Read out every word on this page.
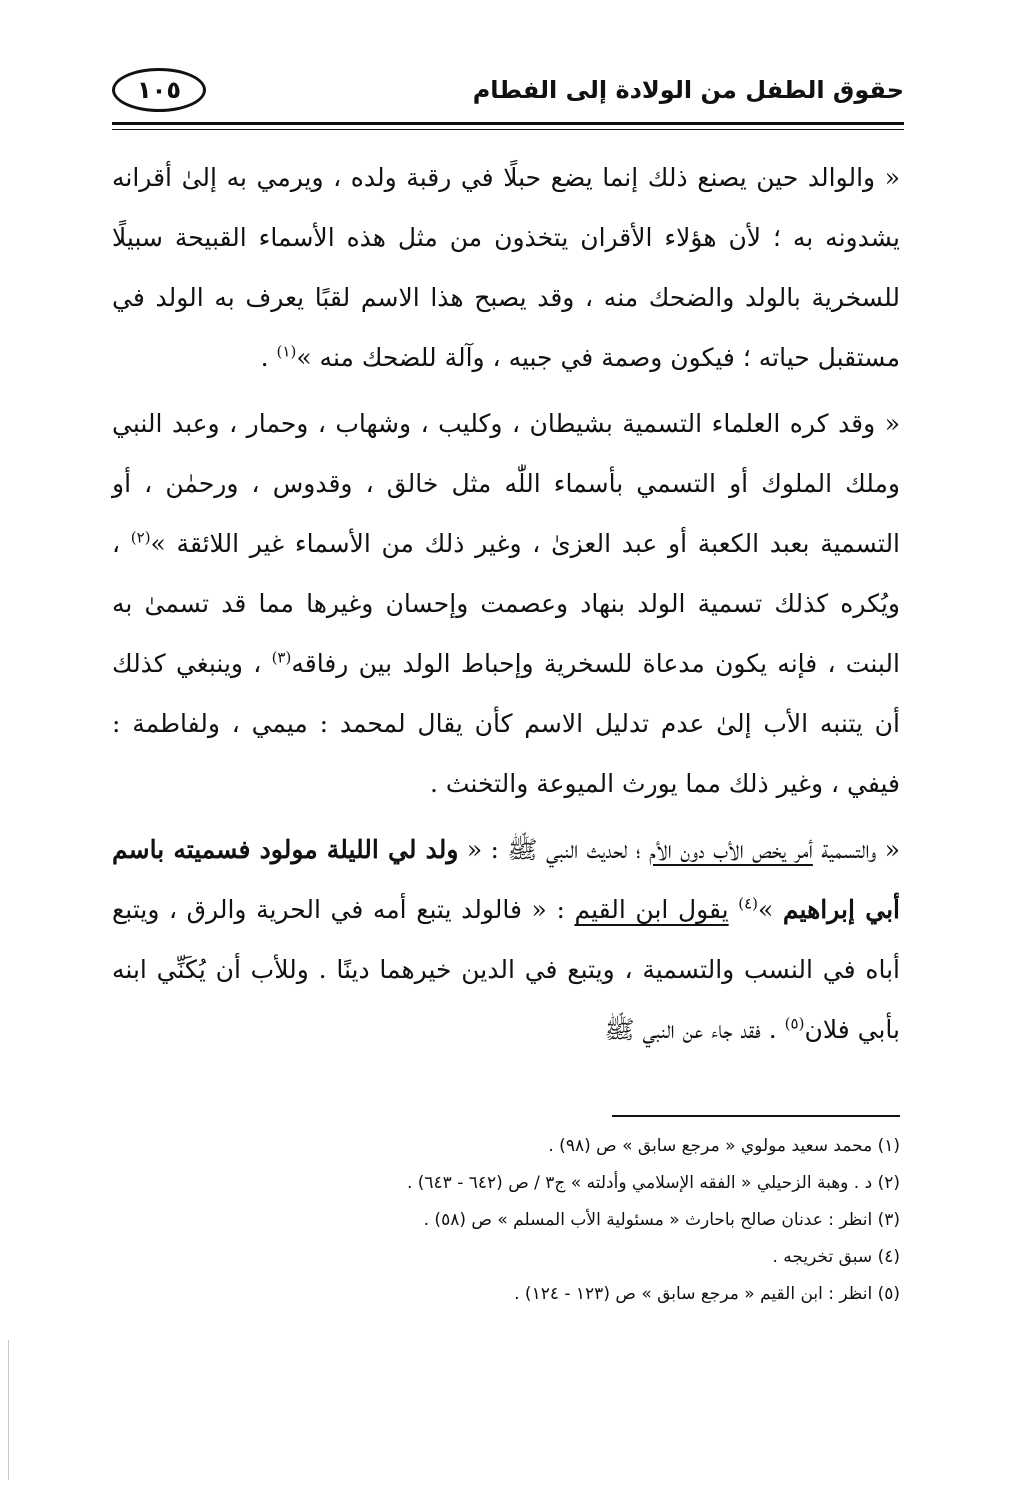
حقوق الطفل من الولادة إلى الفطام
١٠٥

« والوالد حين يصنع ذلك إنما يضع حبلًا في رقبة ولده ، ويرمي به إلىٰ أقرانه يشدونه به ؛ لأن هؤلاء الأقران يتخذون من مثل هذه الأسماء القبيحة سبيلًا للسخرية بالولد والضحك منه ، وقد يصبح هذا الاسم لقبًا يعرف به الولد في مستقبل حياته ؛ فيكون وصمة في جبيه ، وآلة للضحك منه »$^{(١)}$ .

« وقد كره العلماء التسمية بشيطان ، وكليب ، وشهاب ، وحمار ، وعبد النبي وملك الملوك أو التسمي بأسماء اللّٰه مثل خالق ، وقدوس ، ورحمٰن ، أو التسمية بعبد الكعبة أو عبد العزىٰ ، وغير ذلك من الأسماء غير اللائقة »$^{(٢)}$ ، ويُكره كذلك تسمية الولد بنهاد وعصمت وإحسان وغيرها مما قد تسمىٰ به البنت ، فإنه يكون مدعاة للسخرية وإحباط الولد بين رفاقه$^{(٣)}$ ، وينبغي كذلك أن يتنبه الأب إلىٰ عدم تدليل الاسم كأن يقال لمحمد : ميمي ، ولفاطمة : فيفي ، وغير ذلك مما يورث الميوعة والتخنث .

« والتسمية أمر يخص الأب دون الأم ؛ لحديث النبي ﷺ : « ولد لي الليلة مولود فسميته باسم أبي إبراهيم »$^{(٤)}$ يقول ابن القيم : « فالولد يتبع أمه في الحرية والرق ، ويتبع أباه في النسب والتسمية ، ويتبع في الدين خيرهما دينًا . وللأب أن يُكَنِّي ابنه بأبي فلان$^{(٥)}$ . فقد جاء عن النبي ﷺ

(١) محمد سعيد مولوي « مرجع سابق » ص (٩٨) .
(٢) د . وهبة الزحيلي « الفقه الإسلامي وأدلته » ج٣ / ص (٦٤٢ - ٦٤٣) .
(٣) انظر : عدنان صالح باحارث « مسئولية الأب المسلم » ص (٥٨) .
(٤) سبق تخريجه .
(٥) انظر : ابن القيم « مرجع سابق » ص (١٢٣ - ١٢٤) .
